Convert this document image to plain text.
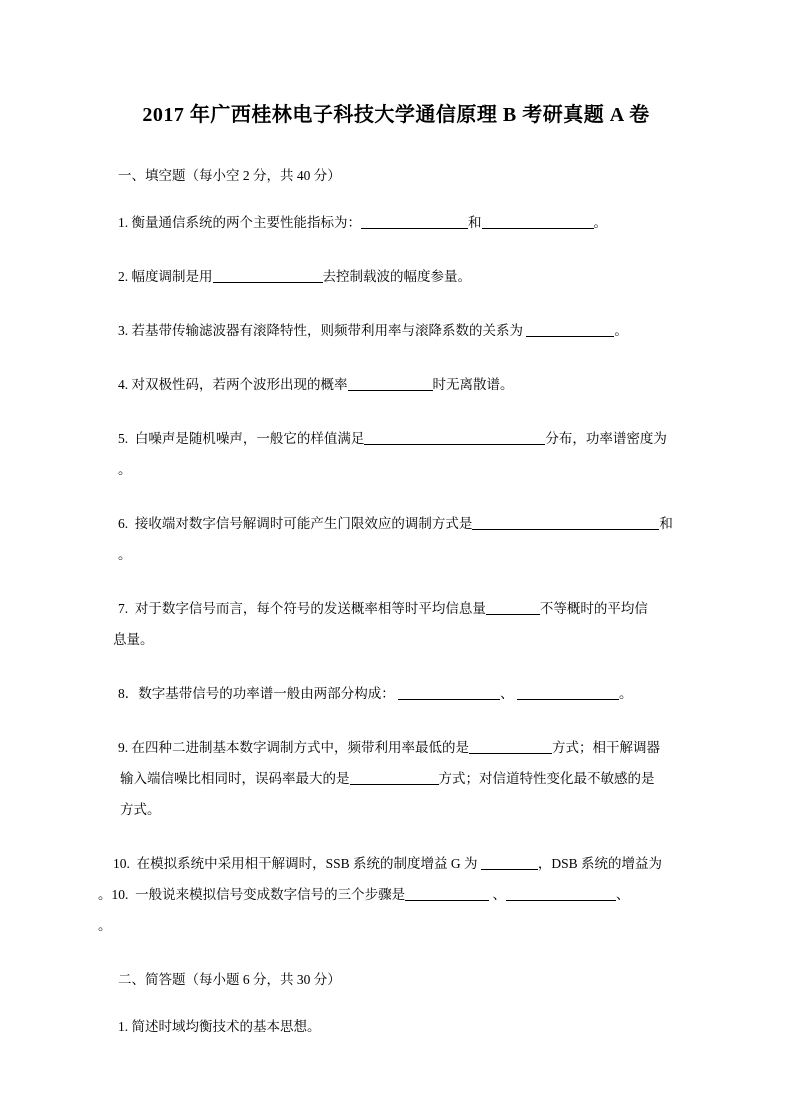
2017 年广西桂林电子科技大学通信原理 B 考研真题 A 卷
一、填空题（每小空 2 分，共 40 分）
1. 衡量通信系统的两个主要性能指标为：	和	。
2. 幅度调制是用	去控制载波的幅度参量。
3. 若基带传输滤波器有滚降特性，则频带利用率与滚降系数的关系为	。
4. 对双极性码，若两个波形出现的概率	时无离散谱。
5.  白噪声是随机噪声，一般它的样值满足	分布，功率谱密度为
。
6.  接收端对数字信号解调时可能产生门限效应的调制方式是	和
。
7.  对于数字信号而言，每个符号的发送概率相等时平均信息量	不等概时的平均信
息量。
8．数字基带信号的功率谱一般由两部分构成：	、	。
9. 在四种二进制基本数字调制方式中，频带利用率最低的是	方式；相干解调器
输入端信噪比相同时，误码率最大的是	方式；对信道特性变化最不敏感的是
方式。
10.  在模拟系统中采用相干解调时，SSB 系统的制度增益 G 为	，DSB 系统的增益为
。10.  一般说来模拟信号变成数字信号的三个步骤是	、	、
。
二、简答题（每小题 6 分，共 30 分）
1. 简述时域均衡技术的基本思想。
